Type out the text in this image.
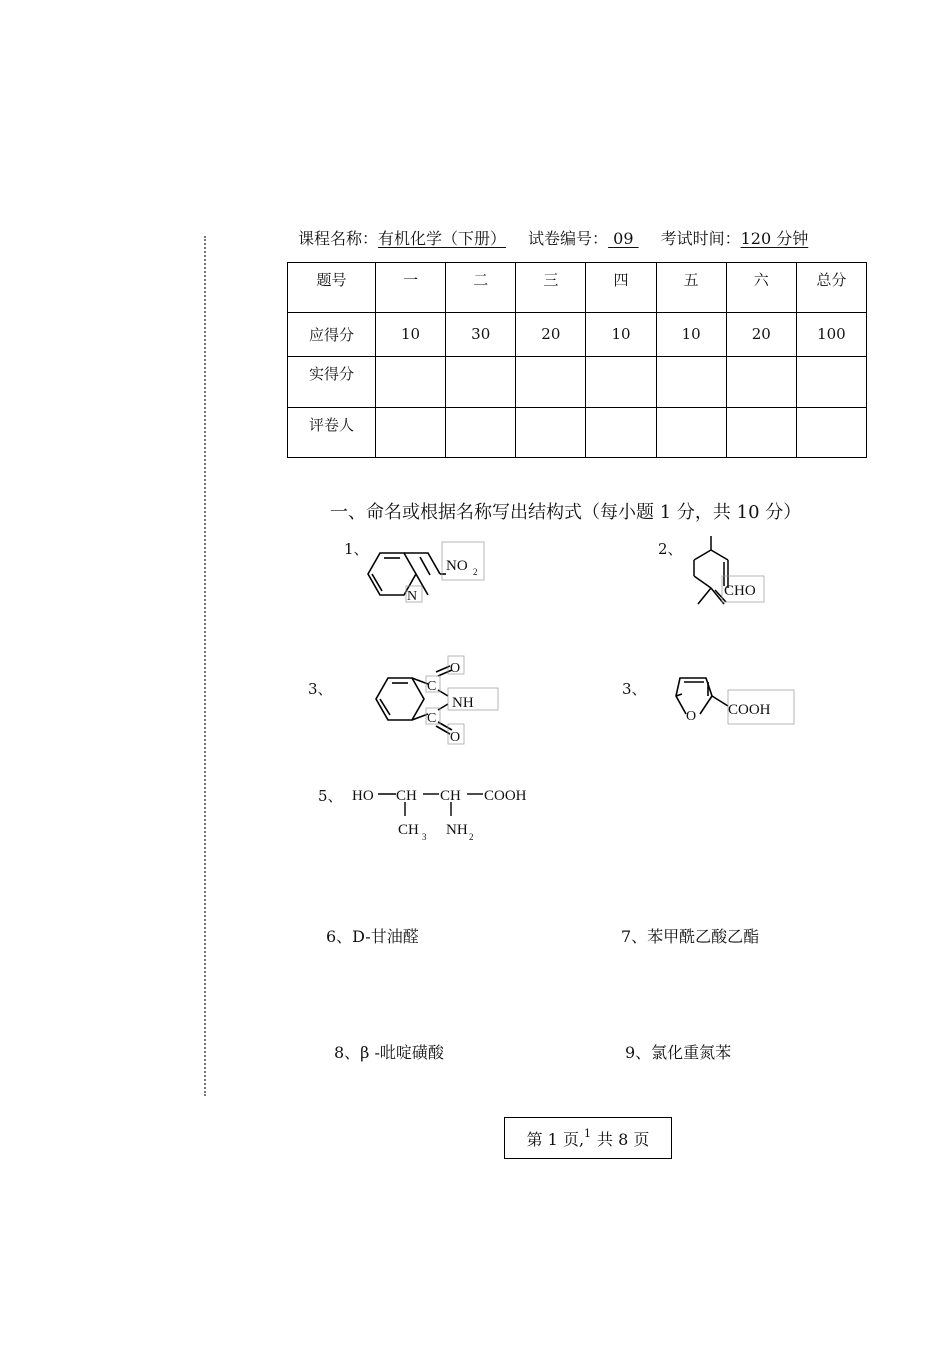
课程名称：有机化学（下册） 试卷编号： 09 考试时间：120 分钟
题号	一	二	三	四	五	六	总分
应得分	10	30	20	10	10	20	100
实得分							
评卷人							
一、命名或根据名称写出结构式（每小题 1 分，共 10 分）
1、
N
NO 2
2、
CHO
3、	C
C
O
O
NH
3、
O COOH
5、 HO CH CH COOH
CH 3 NH 2
6、D-甘油醛	7、苯甲酰乙酸乙酯
8、β -吡啶磺酸	9、氯化重氮苯
第 1 页,$^1$ 共 8 页
